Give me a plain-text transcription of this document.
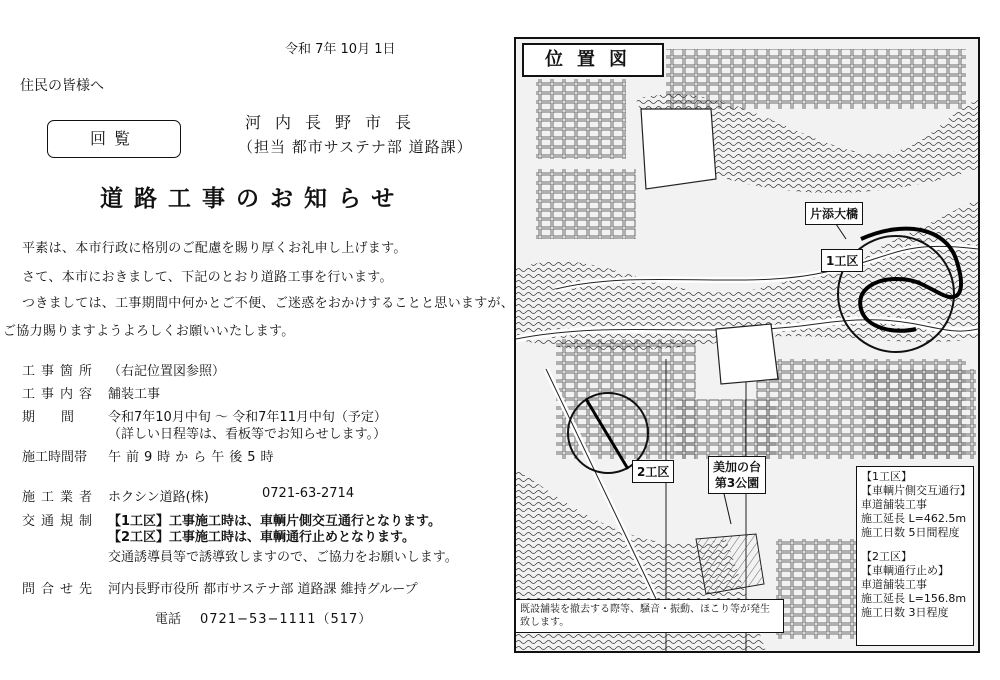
令和 7年 10月 1日
住民の皆様へ
回覧
河内長野市長
（担当 都市サステナ部 道路課）
道路工事のお知らせ
平素は、本市行政に格別のご配慮を賜り厚くお礼申し上げます。
さて、本市におきまして、下記のとおり道路工事を行います。
つきましては、工事期間中何かとご不便、ご迷惑をおかけすることと思いますが、
ご協力賜りますようよろしくお願いいたします。
工事箇所 （右記位置図参照）
工事内容 舗装工事
期　　間	令和7年10月中旬 ～ 令和7年11月中旬（予定）
（詳しい日程等は、看板等でお知らせします。）
施工時間帯 午前9時から午後5時
施工業者 ホクシン道路(株)	0721-63-2714
交通規制 【1工区】工事施工時は、車輌片側交互通行となります。
【2工区】工事施工時は、車輌通行止めとなります。
交通誘導員等で誘導致しますので、ご協力をお願いします。
問合せ先 河内長野市役所 都市サステナ部 道路課 維持グループ
電話 0721−53−1111（517）
位置図
片添大橋
1工区
2工区	美加の台
第3公園	【1工区】
【車輌片側交互通行】
車道舗装工事
施工延長 L=462.5m
施工日数 5日間程度
【2工区】
【車輌通行止め】
車道舗装工事
施工延長 L=156.8m
施工日数 3日程度
既設舗装を撤去する際等、騒音・振動、ほこり等が発生致します。
